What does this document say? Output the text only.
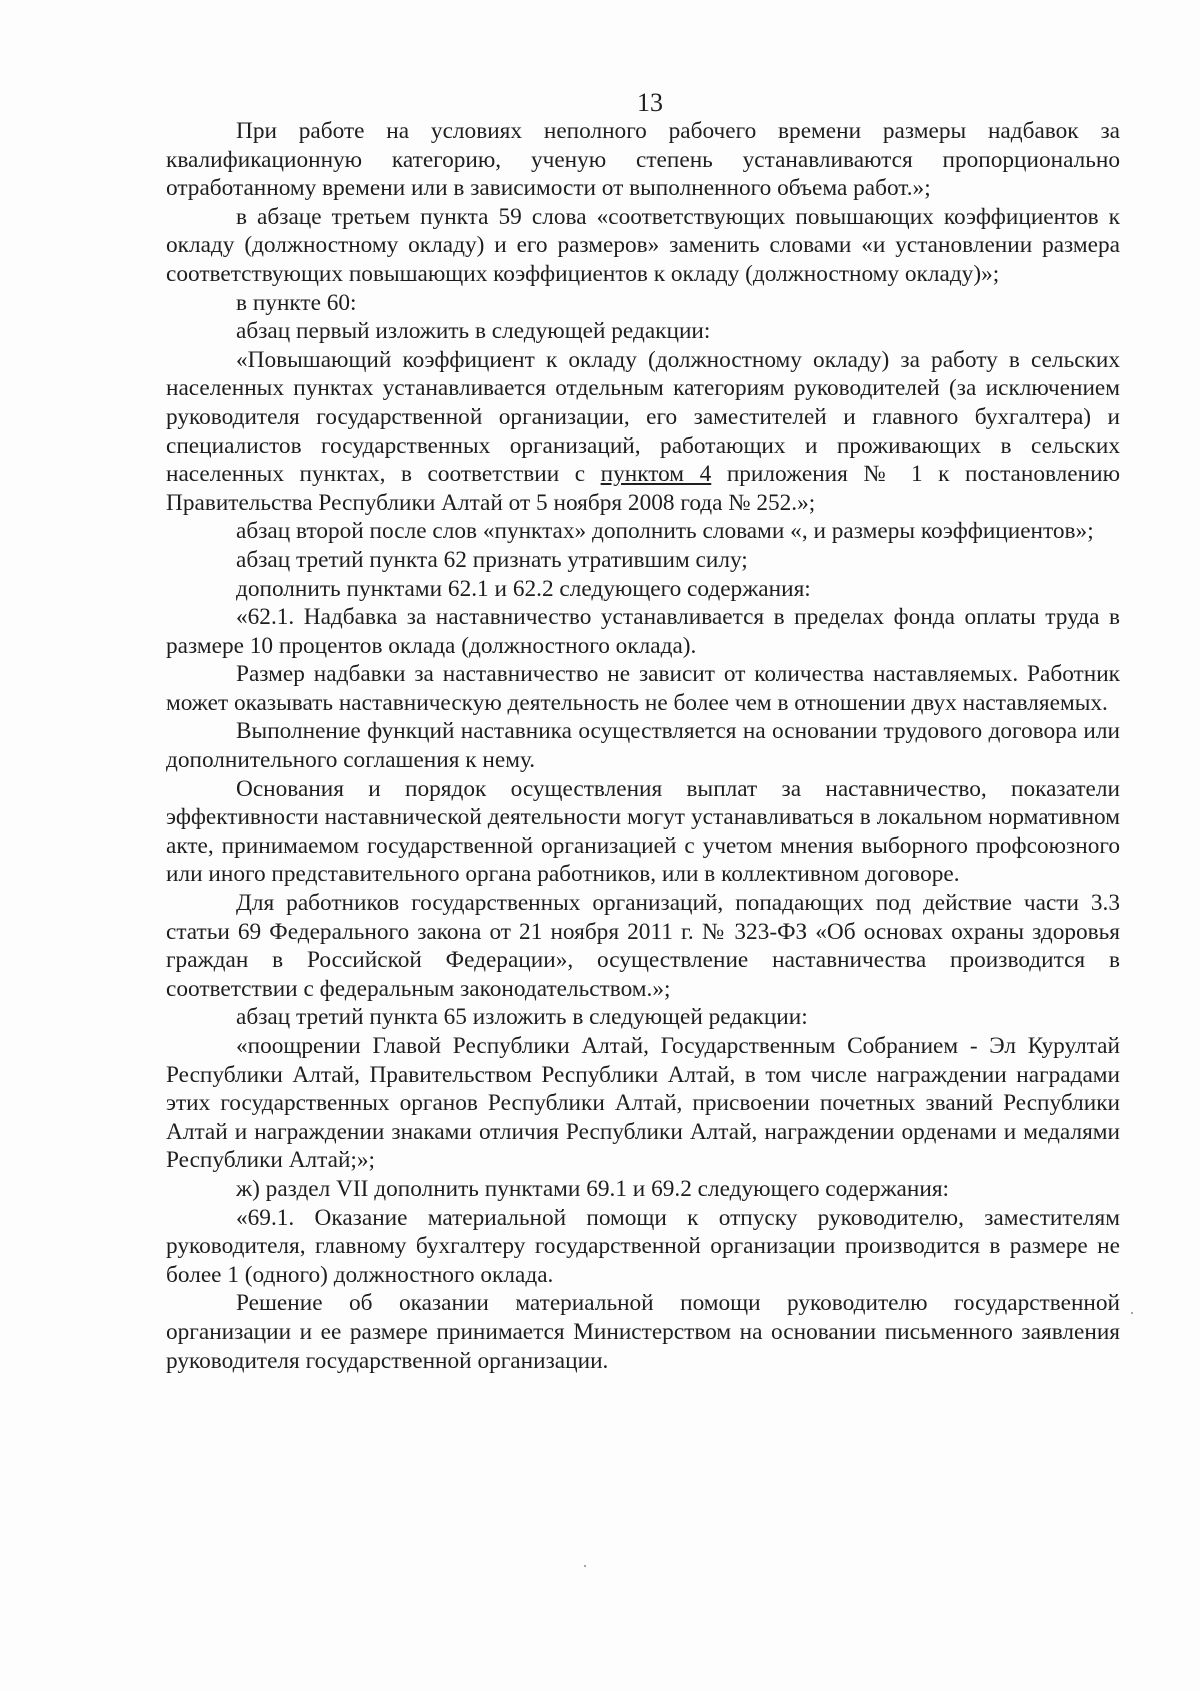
13

При работе на условиях неполного рабочего времени размеры надбавок за квалификационную категорию, ученую степень устанавливаются пропорционально отработанному времени или в зависимости от выполненного объема работ.»;

в абзаце третьем пункта 59 слова «соответствующих повышающих коэффициентов к окладу (должностному окладу) и его размеров» заменить словами «и установлении размера соответствующих повышающих коэффициентов к окладу (должностному окладу)»;

в пункте 60:

абзац первый изложить в следующей редакции:

«Повышающий коэффициент к окладу (должностному окладу) за работу в сельских населенных пунктах устанавливается отдельным категориям руководителей (за исключением руководителя государственной организации, его заместителей и главного бухгалтера) и специалистов государственных организаций, работающих и проживающих в сельских населенных пунктах, в соответствии с пунктом 4 приложения № 1 к постановлению Правительства Республики Алтай от 5 ноября 2008 года № 252.»;

абзац второй после слов «пунктах» дополнить словами «, и размеры коэффициентов»;

абзац третий пункта 62 признать утратившим силу;

дополнить пунктами 62.1 и 62.2 следующего содержания:

«62.1. Надбавка за наставничество устанавливается в пределах фонда оплаты труда в размере 10 процентов оклада (должностного оклада).

Размер надбавки за наставничество не зависит от количества наставляемых. Работник может оказывать наставническую деятельность не более чем в отношении двух наставляемых.

Выполнение функций наставника осуществляется на основании трудового договора или дополнительного соглашения к нему.

Основания и порядок осуществления выплат за наставничество, показатели эффективности наставнической деятельности могут устанавливаться в локальном нормативном акте, принимаемом государственной организацией с учетом мнения выборного профсоюзного или иного представительного органа работников, или в коллективном договоре.

Для работников государственных организаций, попадающих под действие части 3.3 статьи 69 Федерального закона от 21 ноября 2011 г. № 323-ФЗ «Об основах охраны здоровья граждан в Российской Федерации», осуществление наставничества производится в соответствии с федеральным законодательством.»;

абзац третий пункта 65 изложить в следующей редакции:

«поощрении Главой Республики Алтай, Государственным Собранием - Эл Курултай Республики Алтай, Правительством Республики Алтай, в том числе награждении наградами этих государственных органов Республики Алтай, присвоении почетных званий Республики Алтай и награждении знаками отличия Республики Алтай, награждении орденами и медалями Республики Алтай;»;

ж) раздел VII дополнить пунктами 69.1 и 69.2 следующего содержания:

«69.1. Оказание материальной помощи к отпуску руководителю, заместителям руководителя, главному бухгалтеру государственной организации производится в размере не более 1 (одного) должностного оклада.

Решение об оказании материальной помощи руководителю государственной организации и ее размере принимается Министерством на основании письменного заявления руководителя государственной организации.
